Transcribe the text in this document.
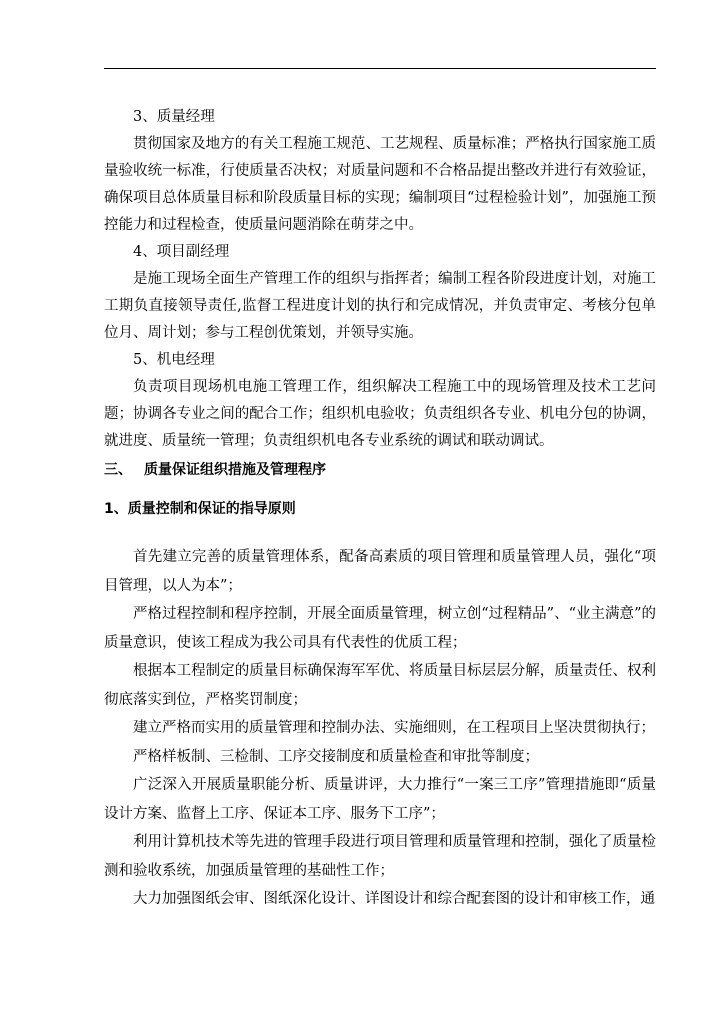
3、质量经理
贯彻国家及地方的有关工程施工规范、工艺规程、质量标准；严格执行国家施工质量验收统一标准，行使质量否决权；对质量问题和不合格品提出整改并进行有效验证，确保项目总体质量目标和阶段质量目标的实现；编制项目“过程检验计划”，加强施工预控能力和过程检查，使质量问题消除在萌芽之中。
4、项目副经理
是施工现场全面生产管理工作的组织与指挥者；编制工程各阶段进度计划，对施工工期负直接领导责任,监督工程进度计划的执行和完成情况，并负责审定、考核分包单位月、周计划；参与工程创优策划，并领导实施。
5、机电经理
负责项目现场机电施工管理工作，组织解决工程施工中的现场管理及技术工艺问题；协调各专业之间的配合工作；组织机电验收；负责组织各专业、机电分包的协调，就进度、质量统一管理；负责组织机电各专业系统的调试和联动调试。
三、 质量保证组织措施及管理程序
1、质量控制和保证的指导原则
首先建立完善的质量管理体系，配备高素质的项目管理和质量管理人员，强化“项目管理，以人为本”；
严格过程控制和程序控制，开展全面质量管理，树立创“过程精品”、“业主满意”的质量意识，使该工程成为我公司具有代表性的优质工程；
根据本工程制定的质量目标确保海军军优、将质量目标层层分解，质量责任、权利彻底落实到位，严格奖罚制度；
建立严格而实用的质量管理和控制办法、实施细则，在工程项目上坚决贯彻执行；
严格样板制、三检制、工序交接制度和质量检查和审批等制度；
广泛深入开展质量职能分析、质量讲评，大力推行“一案三工序”管理措施即“质量设计方案、监督上工序、保证本工序、服务下工序”；
利用计算机技术等先进的管理手段进行项目管理和质量管理和控制，强化了质量检测和验收系统，加强质量管理的基础性工作；
大力加强图纸会审、图纸深化设计、详图设计和综合配套图的设计和审核工作，通
